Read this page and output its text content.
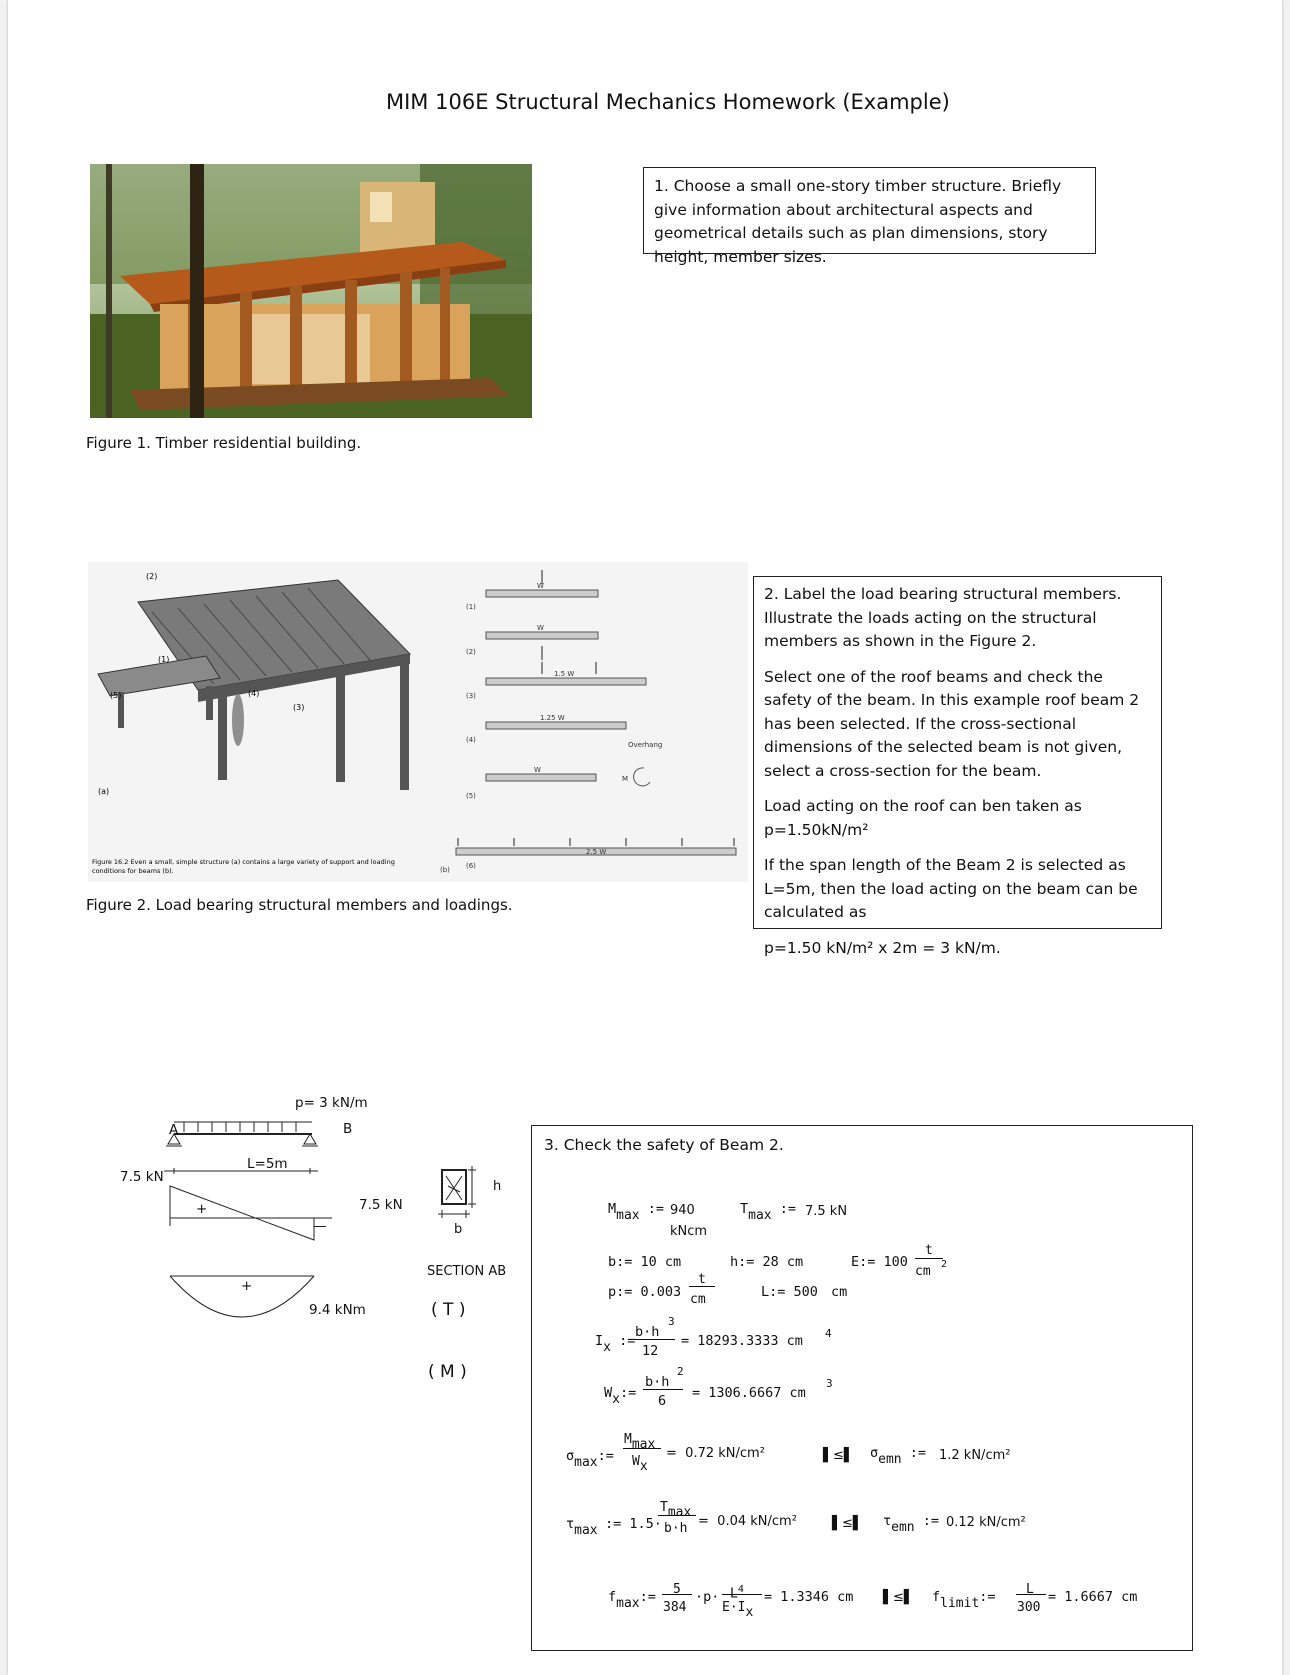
MIM 106E Structural Mechanics Homework (Example)
Figure 1. Timber residential building.
1. Choose a small one-story timber structure. Briefly give information about architectural aspects and geometrical details such as plan dimensions, story height, member sizes.
(2)
(5)
(1)
(4)
(3)
(a)
Figure 16.2 Even a small, simple structure (a) contains a large variety of support and loading
conditions for beams (b).
(1)
W
(2)
W
(3)
1.5 W
(4)
1.25 W
Overhang
(5)
W
M
(6)
(b)
2.5 W
Figure 2. Load bearing structural members and loadings.

2. Label the load bearing structural members. Illustrate the loads acting on the structural members as shown in the Figure 2.

Select one of the roof beams and check the safety of the beam. In this example roof beam 2 has been selected. If the cross-sectional dimensions of the selected beam is not given, select a cross-section for the beam.

Load acting on the roof can ben taken as p=1.50kN/m²

If the span length of the Beam 2 is selected as L=5m, then the load acting on the beam can be calculated as

p=1.50 kN/m² x 2m = 3 kN/m.

p= 3 kN/m
A	B
L=5m
7.5 kN
7.5 kN
+
—
+
9.4 kNm
h
b
SECTION AB
( T )
( M )
3. Check the safety of Beam 2.
Mmax := 940
kNcm
Tmax := 7.5 kN
b:= 10 cm	h:= 28 cm	E:= 100
t
cm 2
p:= 0.003
t
cm	L:= 500 cm
Ix :=
b·h
3
12
= 18293.3333 cm 4
Wx:=
b·h
2
6 = 1306.6667 cm
3
σmax:=
Mmax
Wx
=  0.72 kN/cm²	▌≤▌ σemn := 1.2 kN/cm²
τmax := 1.5·
Tmax
b·h =  0.04 kN/cm²	▌≤▌ τemn := 0.12 kN/cm²
fmax:= 5
384
$\cdot p\cdot L^4$
E·Ix
= 1.3346 cm ▌≤▌ flimit:= L
300
= 1.6667 cm
